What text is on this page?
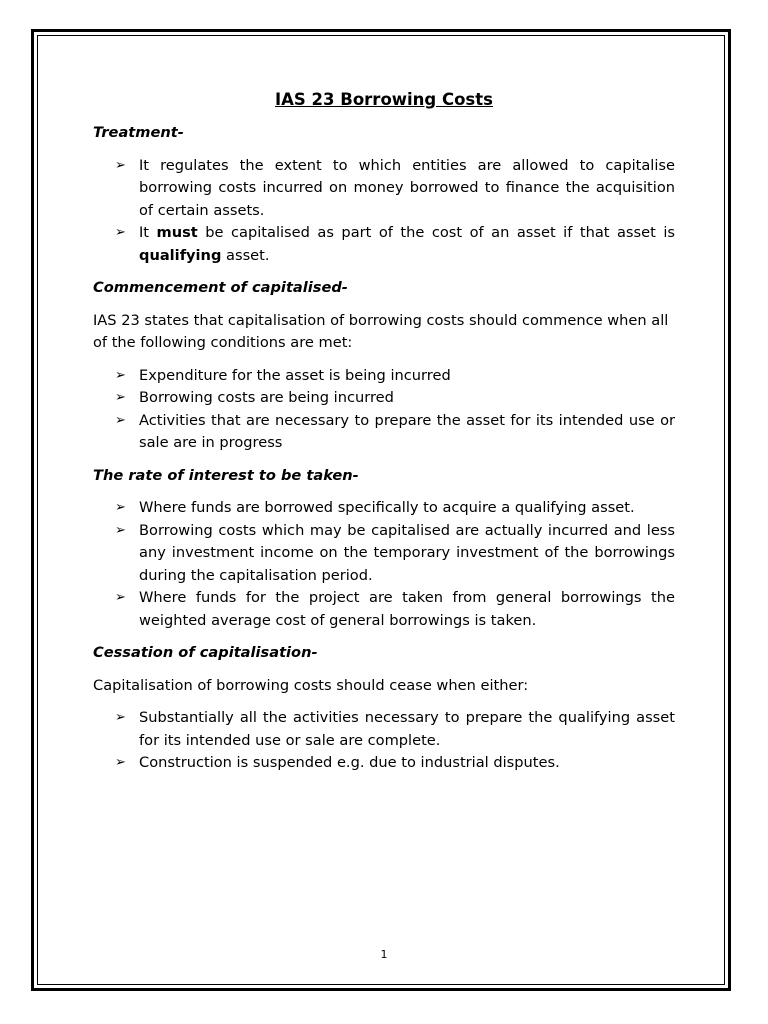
IAS 23 Borrowing Costs
Treatment-
➢ It regulates the extent to which entities are allowed to capitalise borrowing costs incurred on money borrowed to finance the acquisition of certain assets.
➢ It must be capitalised as part of the cost of an asset if that asset is qualifying asset.
Commencement of capitalised-
IAS 23 states that capitalisation of borrowing costs should commence when all of the following conditions are met:
➢ Expenditure for the asset is being incurred
➢ Borrowing costs are being incurred
➢ Activities that are necessary to prepare the asset for its intended use or sale are in progress
The rate of interest to be taken-
➢ Where funds are borrowed specifically to acquire a qualifying asset.
➢ Borrowing costs which may be capitalised are actually incurred and less any investment income on the temporary investment of the borrowings during the capitalisation period.
➢ Where funds for the project are taken from general borrowings the weighted average cost of general borrowings is taken.
Cessation of capitalisation-
Capitalisation of borrowing costs should cease when either:
➢ Substantially all the activities necessary to prepare the qualifying asset for its intended use or sale are complete.
➢ Construction is suspended e.g. due to industrial disputes.
1
